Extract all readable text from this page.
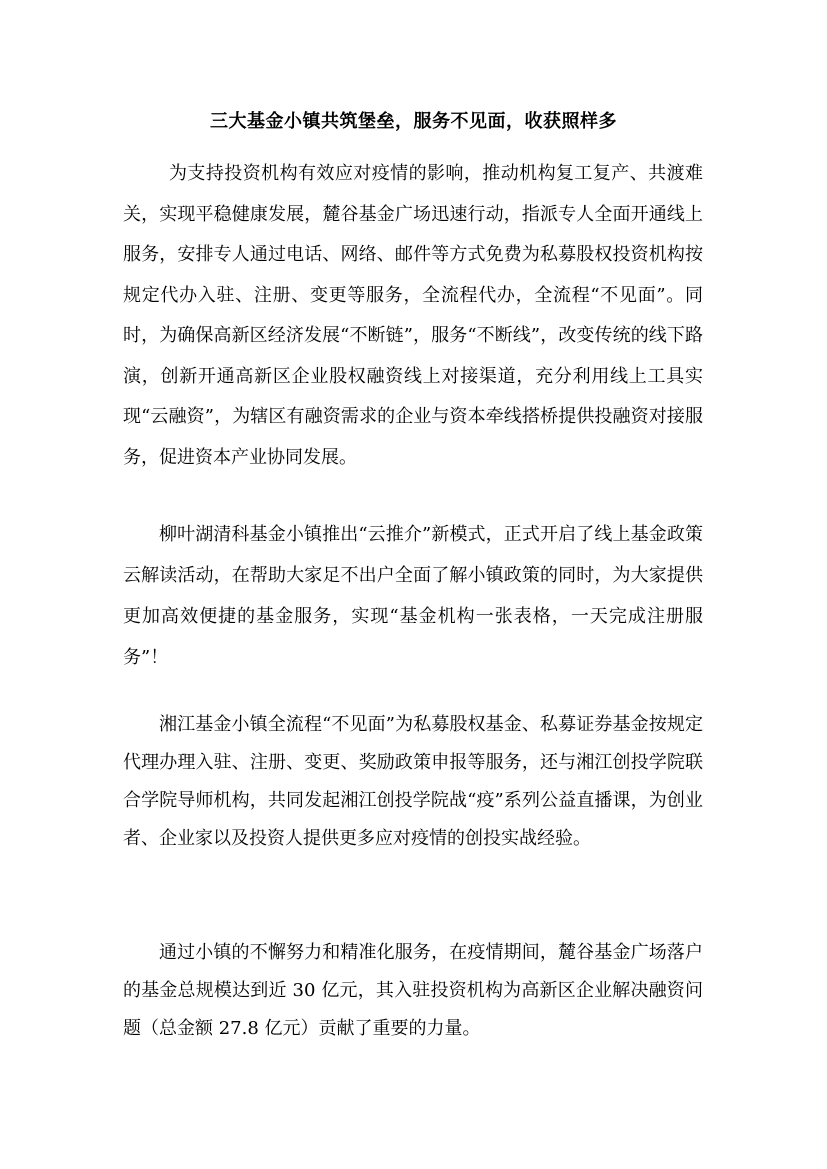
三大基金小镇共筑堡垒，服务不见面，收获照样多

为支持投资机构有效应对疫情的影响，推动机构复工复产、共渡难关，实现平稳健康发展，麓谷基金广场迅速行动，指派专人全面开通线上服务，安排专人通过电话、网络、邮件等方式免费为私募股权投资机构按规定代办入驻、注册、变更等服务，全流程代办，全流程“不见面”。同时，为确保高新区经济发展“不断链”，服务“不断线”，改变传统的线下路演，创新开通高新区企业股权融资线上对接渠道，充分利用线上工具实现“云融资”，为辖区有融资需求的企业与资本牵线搭桥提供投融资对接服务，促进资本产业协同发展。

柳叶湖清科基金小镇推出“云推介”新模式，正式开启了线上基金政策云解读活动，在帮助大家足不出户全面了解小镇政策的同时，为大家提供更加高效便捷的基金服务，实现“基金机构一张表格，一天完成注册服务”！

湘江基金小镇全流程“不见面”为私募股权基金、私募证券基金按规定代理办理入驻、注册、变更、奖励政策申报等服务，还与湘江创投学院联合学院导师机构，共同发起湘江创投学院战“疫”系列公益直播课，为创业者、企业家以及投资人提供更多应对疫情的创投实战经验。

通过小镇的不懈努力和精准化服务，在疫情期间，麓谷基金广场落户的基金总规模达到近 30 亿元，其入驻投资机构为高新区企业解决融资问题（总金额 27.8 亿元）贡献了重要的力量。
